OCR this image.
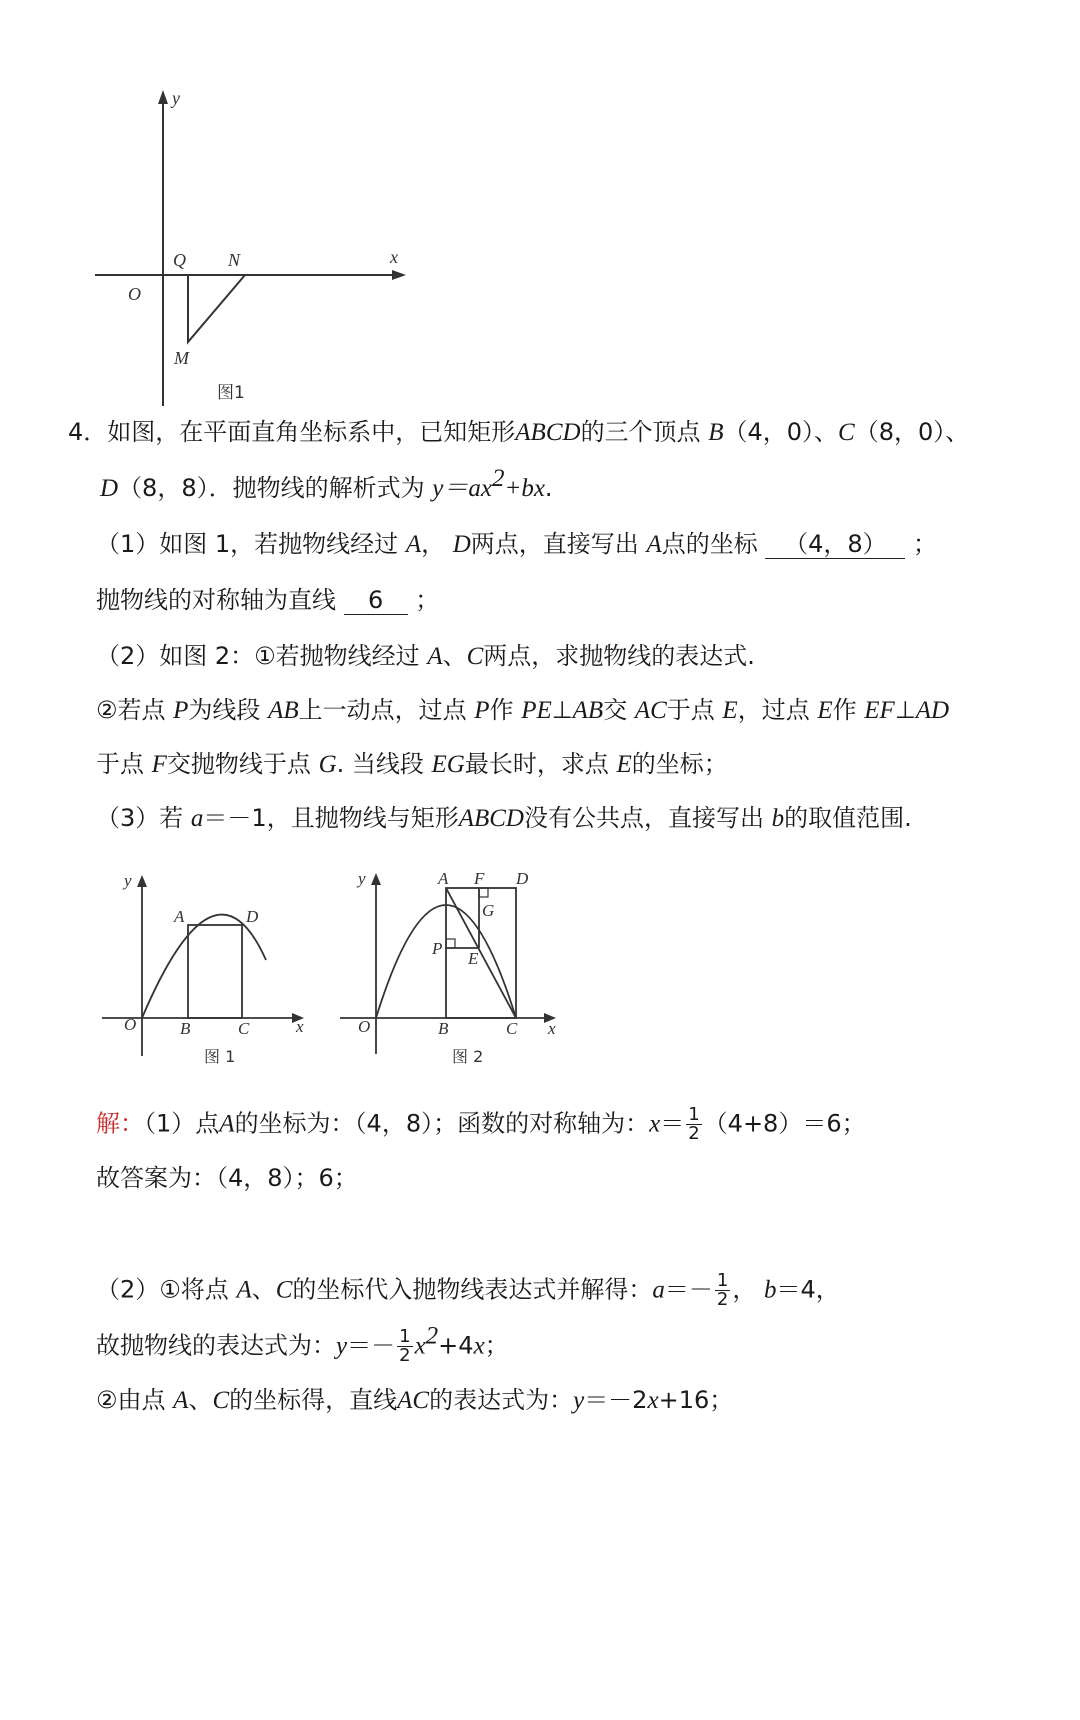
y
x
O
Q N
M
图1
4．如图，在平面直角坐标系中，已知矩形ABCD的三个顶点 B（4，0）、C（8，0）、
D（8，8）．抛物线的解析式为 $y=ax^2+bx$.
（1）如图 1，若抛物线经过 A， D两点，直接写出 A点的坐标 （4，8） ；
抛物线的对称轴为直线 6 ；
（2）如图 2：①若抛物线经过 A、C两点，求抛物线的表达式.
②若点 P为线段 AB上一动点，过点 P作 PE⊥AB交 AC于点 E，过点 E作 EF⊥AD
于点 F交抛物线于点 G. 当线段 EG最长时，求点 E的坐标；
（3）若 a＝－1，且抛物线与矩形ABCD没有公共点，直接写出 b的取值范围.
y
x
O
A	D
B	C
图 1
y
x
O
A F D
G
P
E
B	C
图 2
解：（1）点A的坐标为：（4，8）；函数的对称轴为：$x= \frac{1}{2} (4+8)=6$；
故答案为：（4，8）；6；
（2）①将点 A、C的坐标代入抛物线表达式并解得：$a=- \frac{1}{2}$ ， b＝4，
故抛物线的表达式为：$y=- \frac{1}{2} x^2+4x$；
②由点 A、C的坐标得，直线AC的表达式为：y＝－2x+16；
